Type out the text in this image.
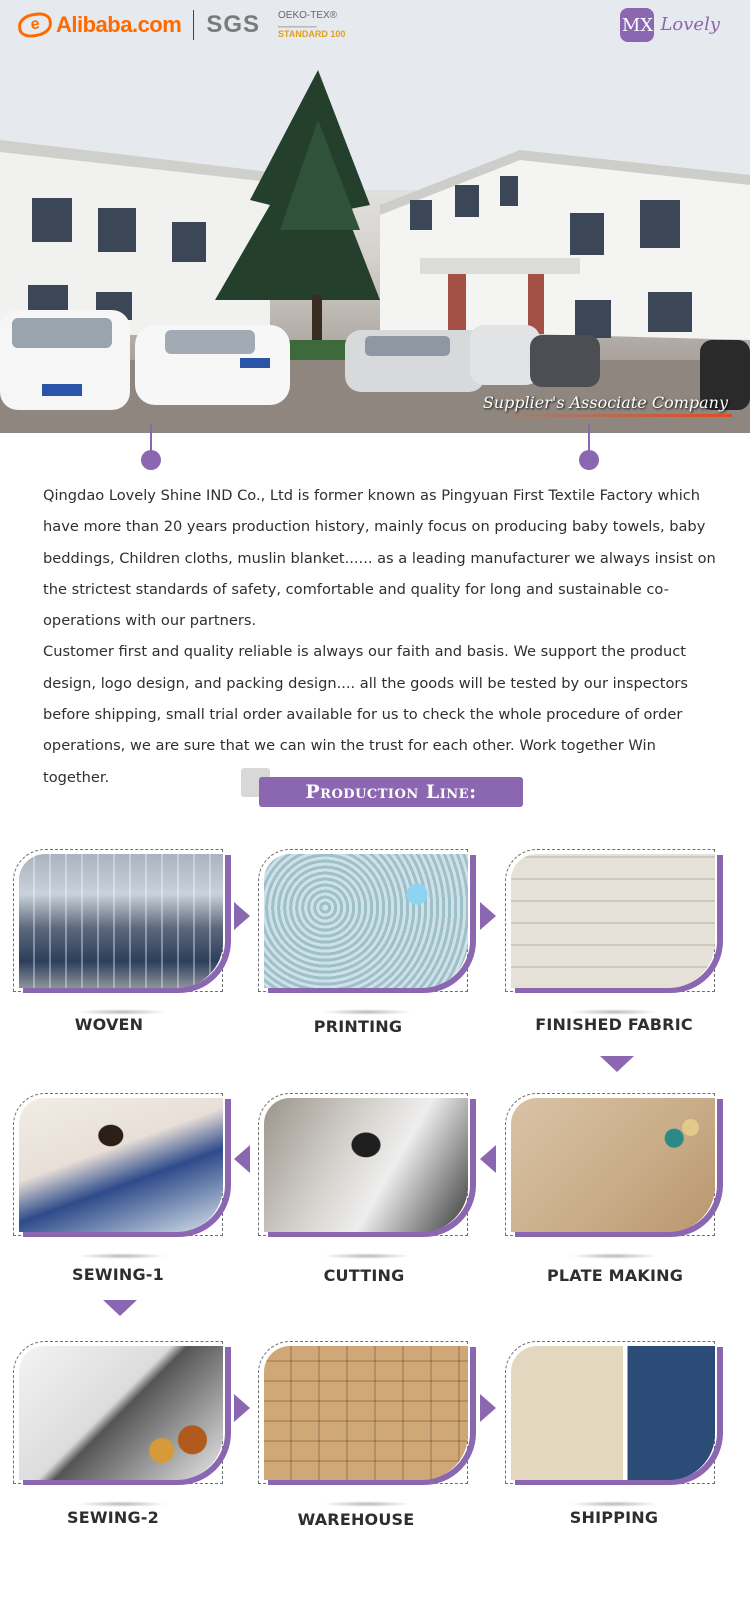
e Alibaba.com SGS OEKO-TEX®
▁▁▁▁▁▁▁▁▁▁
STANDARD 100	MX Lovely
Supplier's Associate Company

Qingdao Lovely Shine IND Co., Ltd is former known as Pingyuan First Textile Factory which have more than 20 years production history, mainly focus on producing baby towels, baby beddings, Children cloths, muslin blanket...... as a leading manufacturer we always insist on the strictest standards of safety, comfortable and quality for long and sustainable co-operations with our partners.

Customer first and quality reliable is always our faith and basis. We support the product design, logo design, and packing design.... all the goods will be tested by our inspectors before shipping, small trial order available for us to check the whole procedure of order operations, we are sure that we can win the trust for each other. Work together Win together.

Production Line:
WOVEN	PRINTING	FINISHED FABRIC
SEWING-1	CUTTING	PLATE MAKING
SEWING-2	WAREHOUSE	SHIPPING
